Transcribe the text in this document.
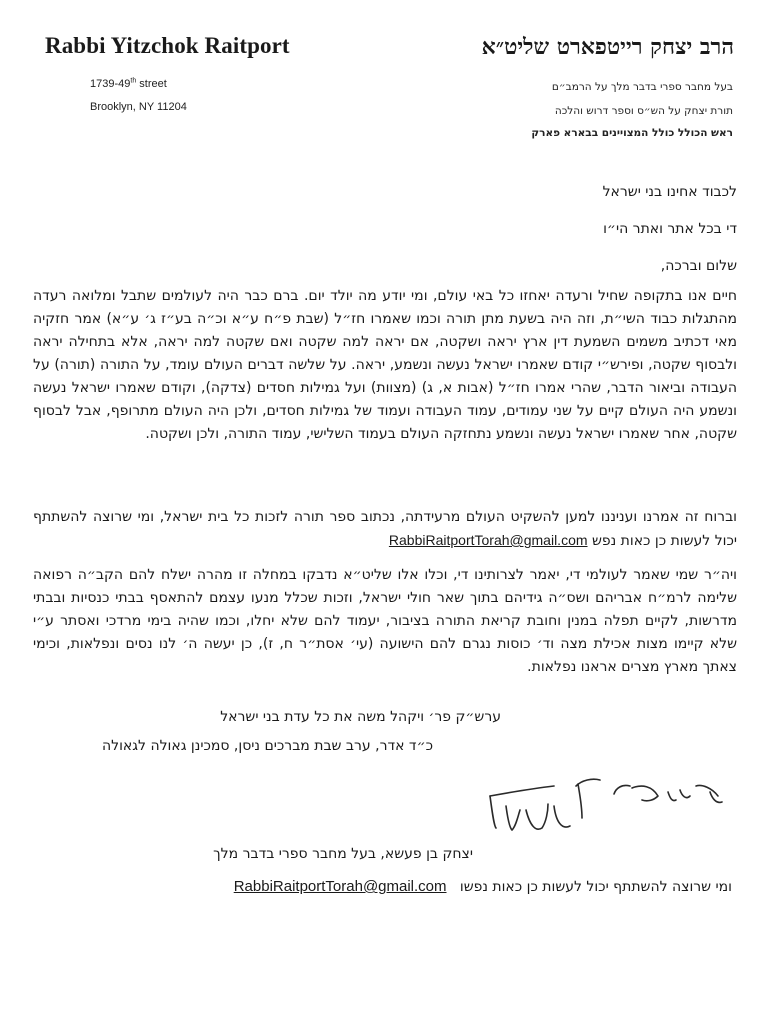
Rabbi Yitzchok Raitport
1739-49th street
Brooklyn, NY 11204
הרב יצחק רייטפארט שליט״א
בעל מחבר ספרי בדבר מלך על הרמב״ם
תורת יצחק על הש״ס וספר דרוש והלכה
ראש הכולל כולל המצויינים בבארא פארק
לכבוד אחינו בני ישראל
די בכל אתר ואתר הי״ו
שלום וברכה,

חיים אנו בתקופה שחיל ורעדה יאחזו כל באי עולם, ומי יודע מה יולד יום. ברם כבר היה לעולמים שתבל ומלואה רעדה מהתגלות כבוד השי״ת, וזה היה בשעת מתן תורה וכמו שאמרו חז״ל (שבת פ״ח ע״א וכ״ה בע״ז ג׳ ע״א) אמר חזקיה מאי דכתיב משמים השמעת דין ארץ יראה ושקטה, אם יראה למה שקטה ואם שקטה למה יראה, אלא בתחילה יראה ולבסוף שקטה, ופירש״י קודם שאמרו ישראל נעשה ונשמע, יראה. על שלשה דברים העולם עומד, על התורה (תורה) על העבודה וביאור הדבר, שהרי אמרו חז״ל (אבות א, ג) (מצוות) ועל גמילות חסדים (צדקה), וקודם שאמרו ישראל נעשה ונשמע היה העולם קיים על שני עמודים, עמוד העבודה ועמוד של גמילות חסדים, ולכן היה העולם מתרופף, אבל לבסוף שקטה, אחר שאמרו ישראל נעשה ונשמע נתחזקה העולם בעמוד השלישי, עמוד התורה, ולכן ושקטה.

וברוח זה אמרנו ועניננו למען להשקיט העולם מרעידתה, נכתוב ספר תורה לזכות כל בית ישראל, ומי שרוצה להשתתף יכול לעשות כן כאות נפש RabbiRaitportTorah@gmail.com

ויה״ר שמי שאמר לעולמי די, יאמר לצרותינו די, וכלו אלו שליט״א נדבקו במחלה זו מהרה ישלח להם הקב״ה רפואה שלימה לרמ״ח אבריהם ושס״ה גידיהם בתוך שאר חולי ישראל, וזכות שכלל מנעו עצמם להתאסף בבתי כנסיות ובבתי מדרשות, לקיים תפלה במנין וחובת קריאת התורה בציבור, יעמוד להם שלא יחלו, וכמו שהיה בימי מרדכי ואסתר ע״י שלא קיימו מצות אכילת מצה וד׳ כוסות נגרם להם הישועה (עי׳ אסת״ר ח, ז), כן יעשה ה׳ לנו נסים ונפלאות, וכימי צאתך מארץ מצרים אראנו נפלאות.

ערש״ק פר׳ ויקהל משה את כל עדת בני ישראל
כ״ד אדר, ערב שבת מברכים ניסן, סמכינן גאולה לגאולה
יצחק בן פעשא, בעל מחבר ספרי בדבר מלך
ומי שרוצה להשתתף יכול לעשות כן כאות נפשו   RabbiRaitportTorah@gmail.com
